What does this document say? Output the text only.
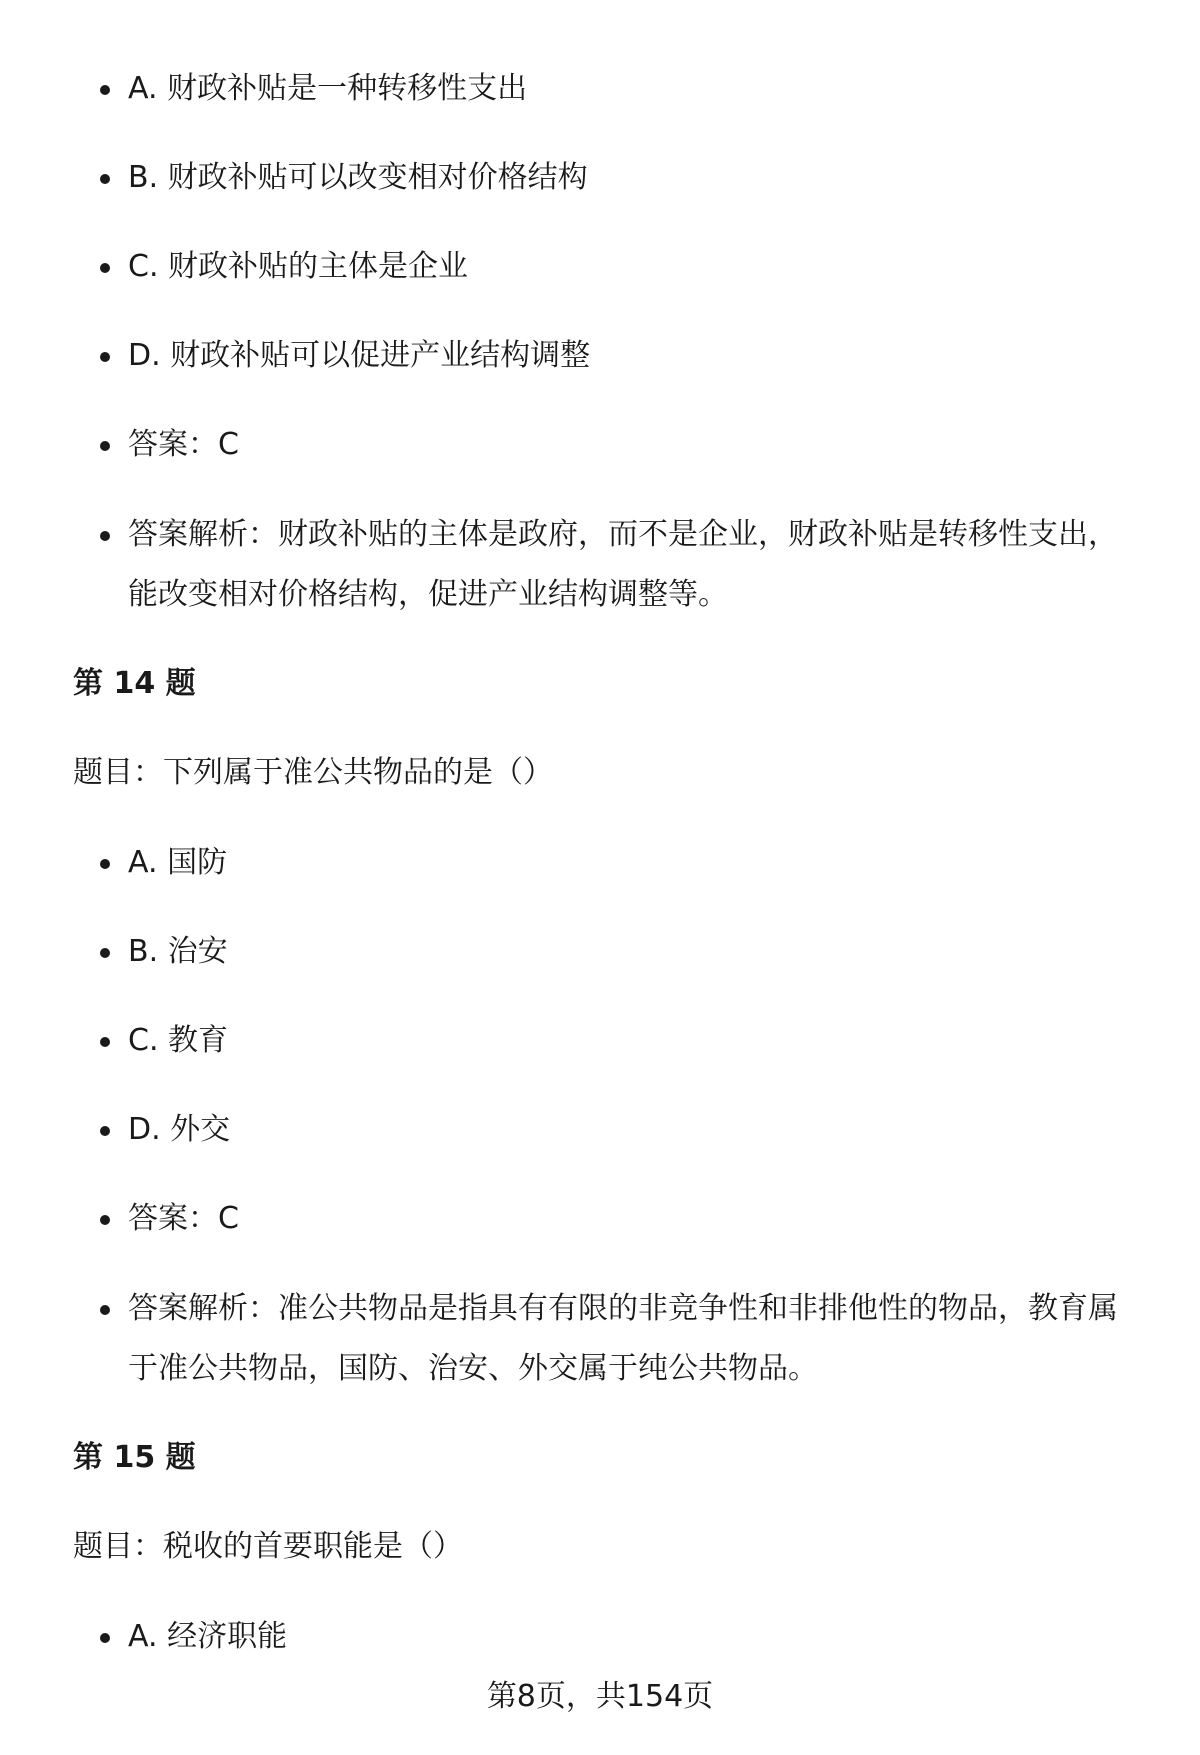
A. 财政补贴是一种转移性支出

B. 财政补贴可以改变相对价格结构

C. 财政补贴的主体是企业

D. 财政补贴可以促进产业结构调整

答案：C

答案解析：财政补贴的主体是政府，而不是企业，财政补贴是转移性支出，能改变相对价格结构，促进产业结构调整等。

第 14 题

题目：下列属于准公共物品的是（）

A. 国防

B. 治安

C. 教育

D. 外交

答案：C

答案解析：准公共物品是指具有有限的非竞争性和非排他性的物品，教育属于准公共物品，国防、治安、外交属于纯公共物品。

第 15 题

题目：税收的首要职能是（）

A. 经济职能

第8页，共154页
